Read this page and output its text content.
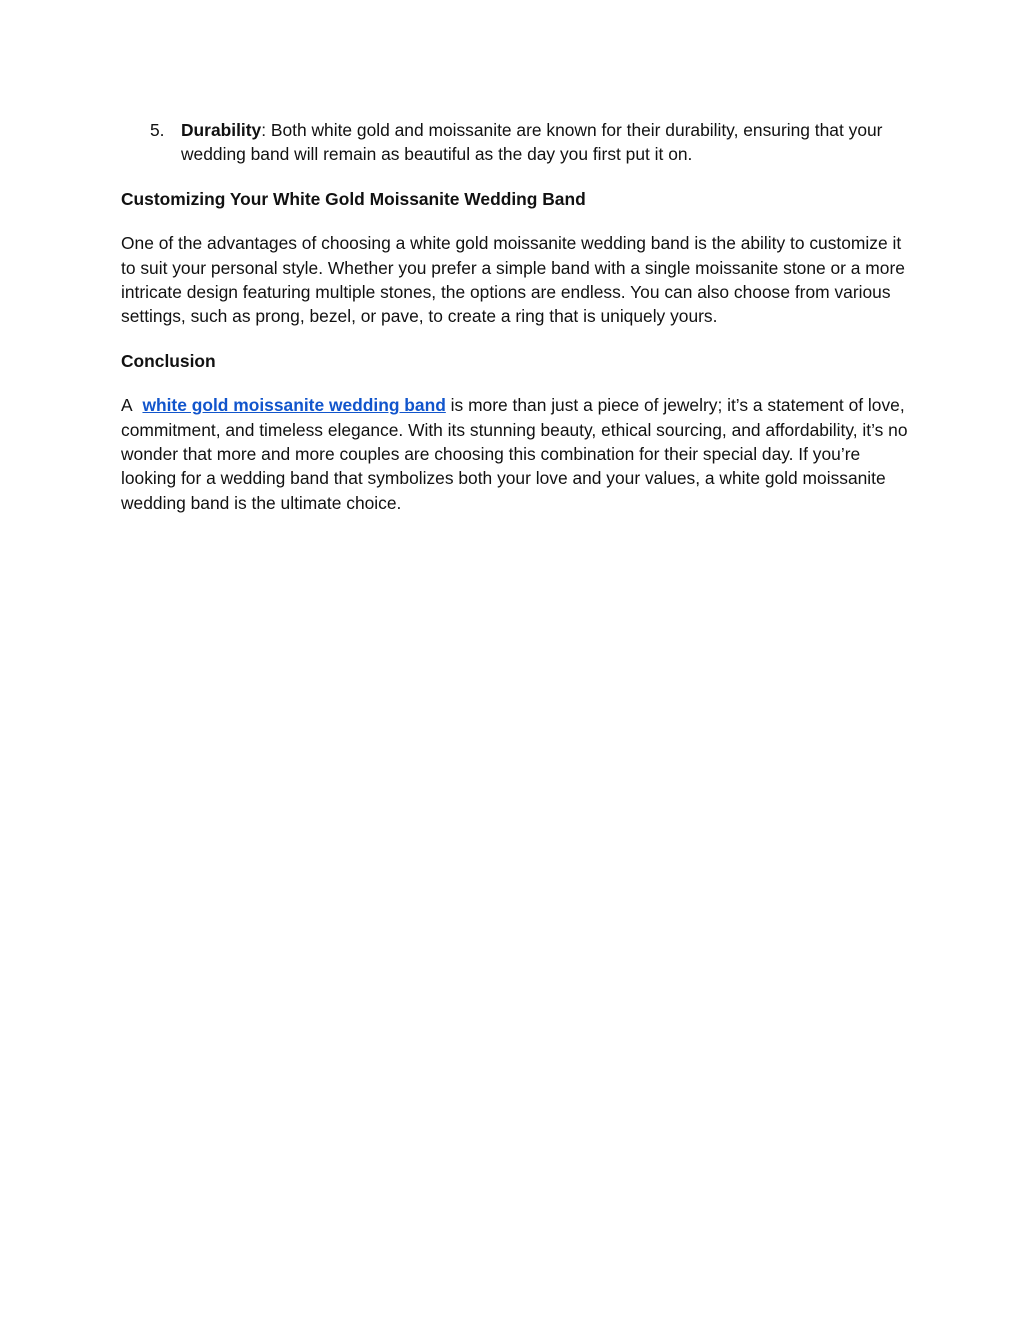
5. Durability: Both white gold and moissanite are known for their durability, ensuring that your wedding band will remain as beautiful as the day you first put it on.
Customizing Your White Gold Moissanite Wedding Band

One of the advantages of choosing a white gold moissanite wedding band is the ability to customize it to suit your personal style. Whether you prefer a simple band with a single moissanite stone or a more intricate design featuring multiple stones, the options are endless. You can also choose from various settings, such as prong, bezel, or pave, to create a ring that is uniquely yours.

Conclusion

A white gold moissanite wedding band is more than just a piece of jewelry; it’s a statement of love, commitment, and timeless elegance. With its stunning beauty, ethical sourcing, and affordability, it’s no wonder that more and more couples are choosing this combination for their special day. If you’re looking for a wedding band that symbolizes both your love and your values, a white gold moissanite wedding band is the ultimate choice.
